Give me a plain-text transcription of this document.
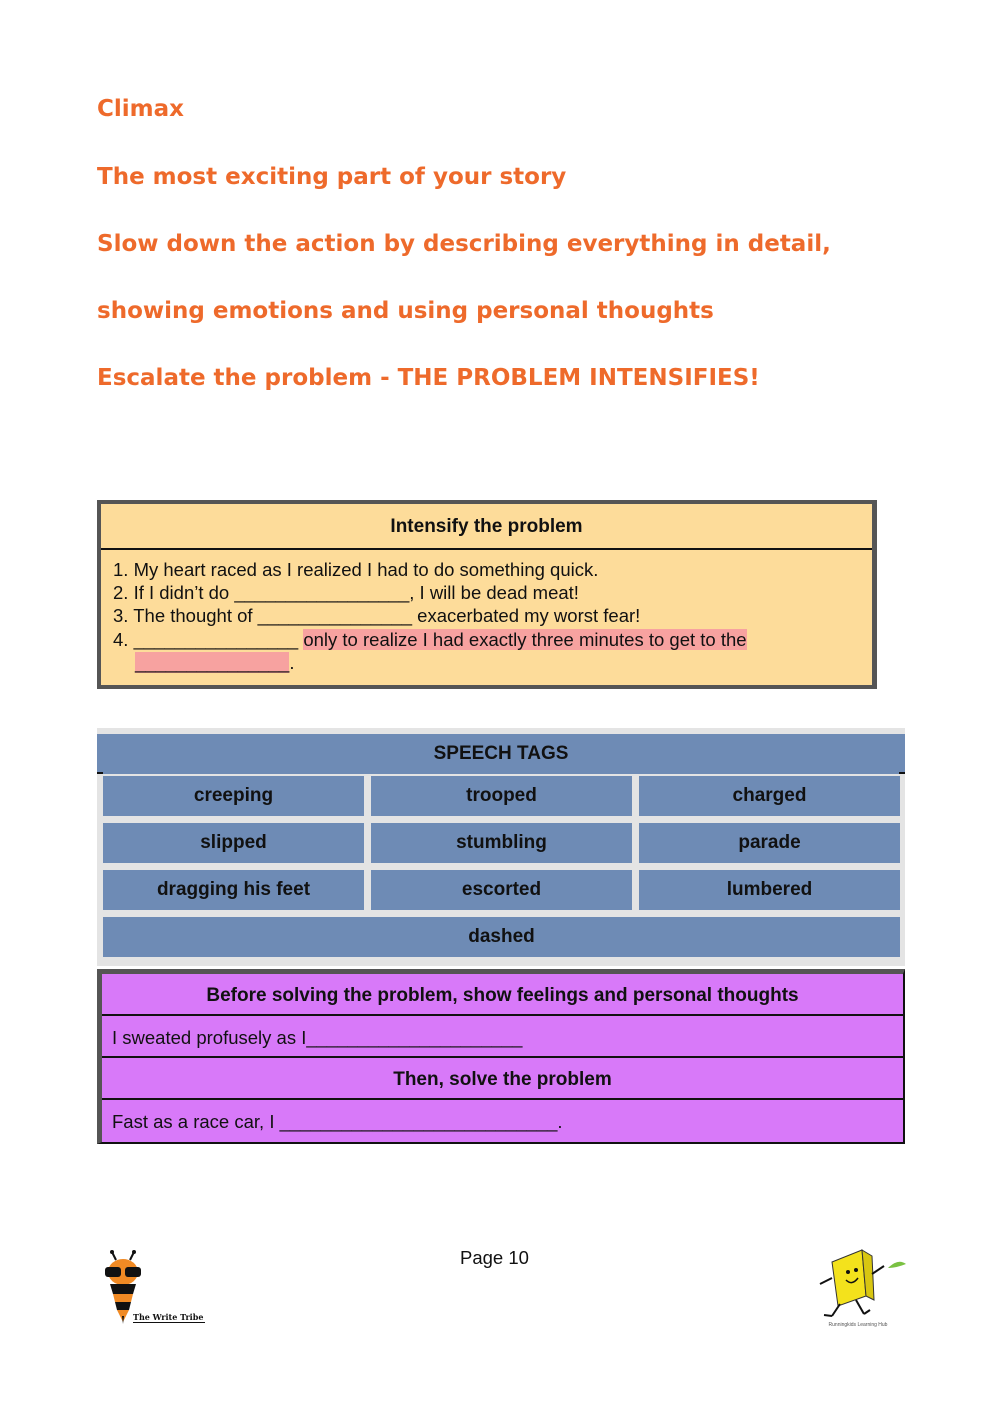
Climax
The most exciting part of your story
Slow down the action by describing everything in detail,
showing emotions and using personal thoughts
Escalate the problem - THE PROBLEM INTENSIFIES!
Intensify the problem
1. My heart raced as I realized I had to do something quick.
2. If I didn’t do _________________, I will be dead meat!
3. The thought of _______________ exacerbated my worst fear!
4. ________________ only to realize I had exactly three minutes to get to the
_______________.
SPEECH TAGS
creeping	trooped	charged
slipped	stumbling	parade
dragging his feet	escorted	lumbered
dashed
Before solving the problem, show feelings and personal thoughts
I sweated profusely as I_____________________
Then, solve the problem
Fast as a race car, I ___________________________.
Page 10
The Write Tribe
Runningkids Learning Hub
